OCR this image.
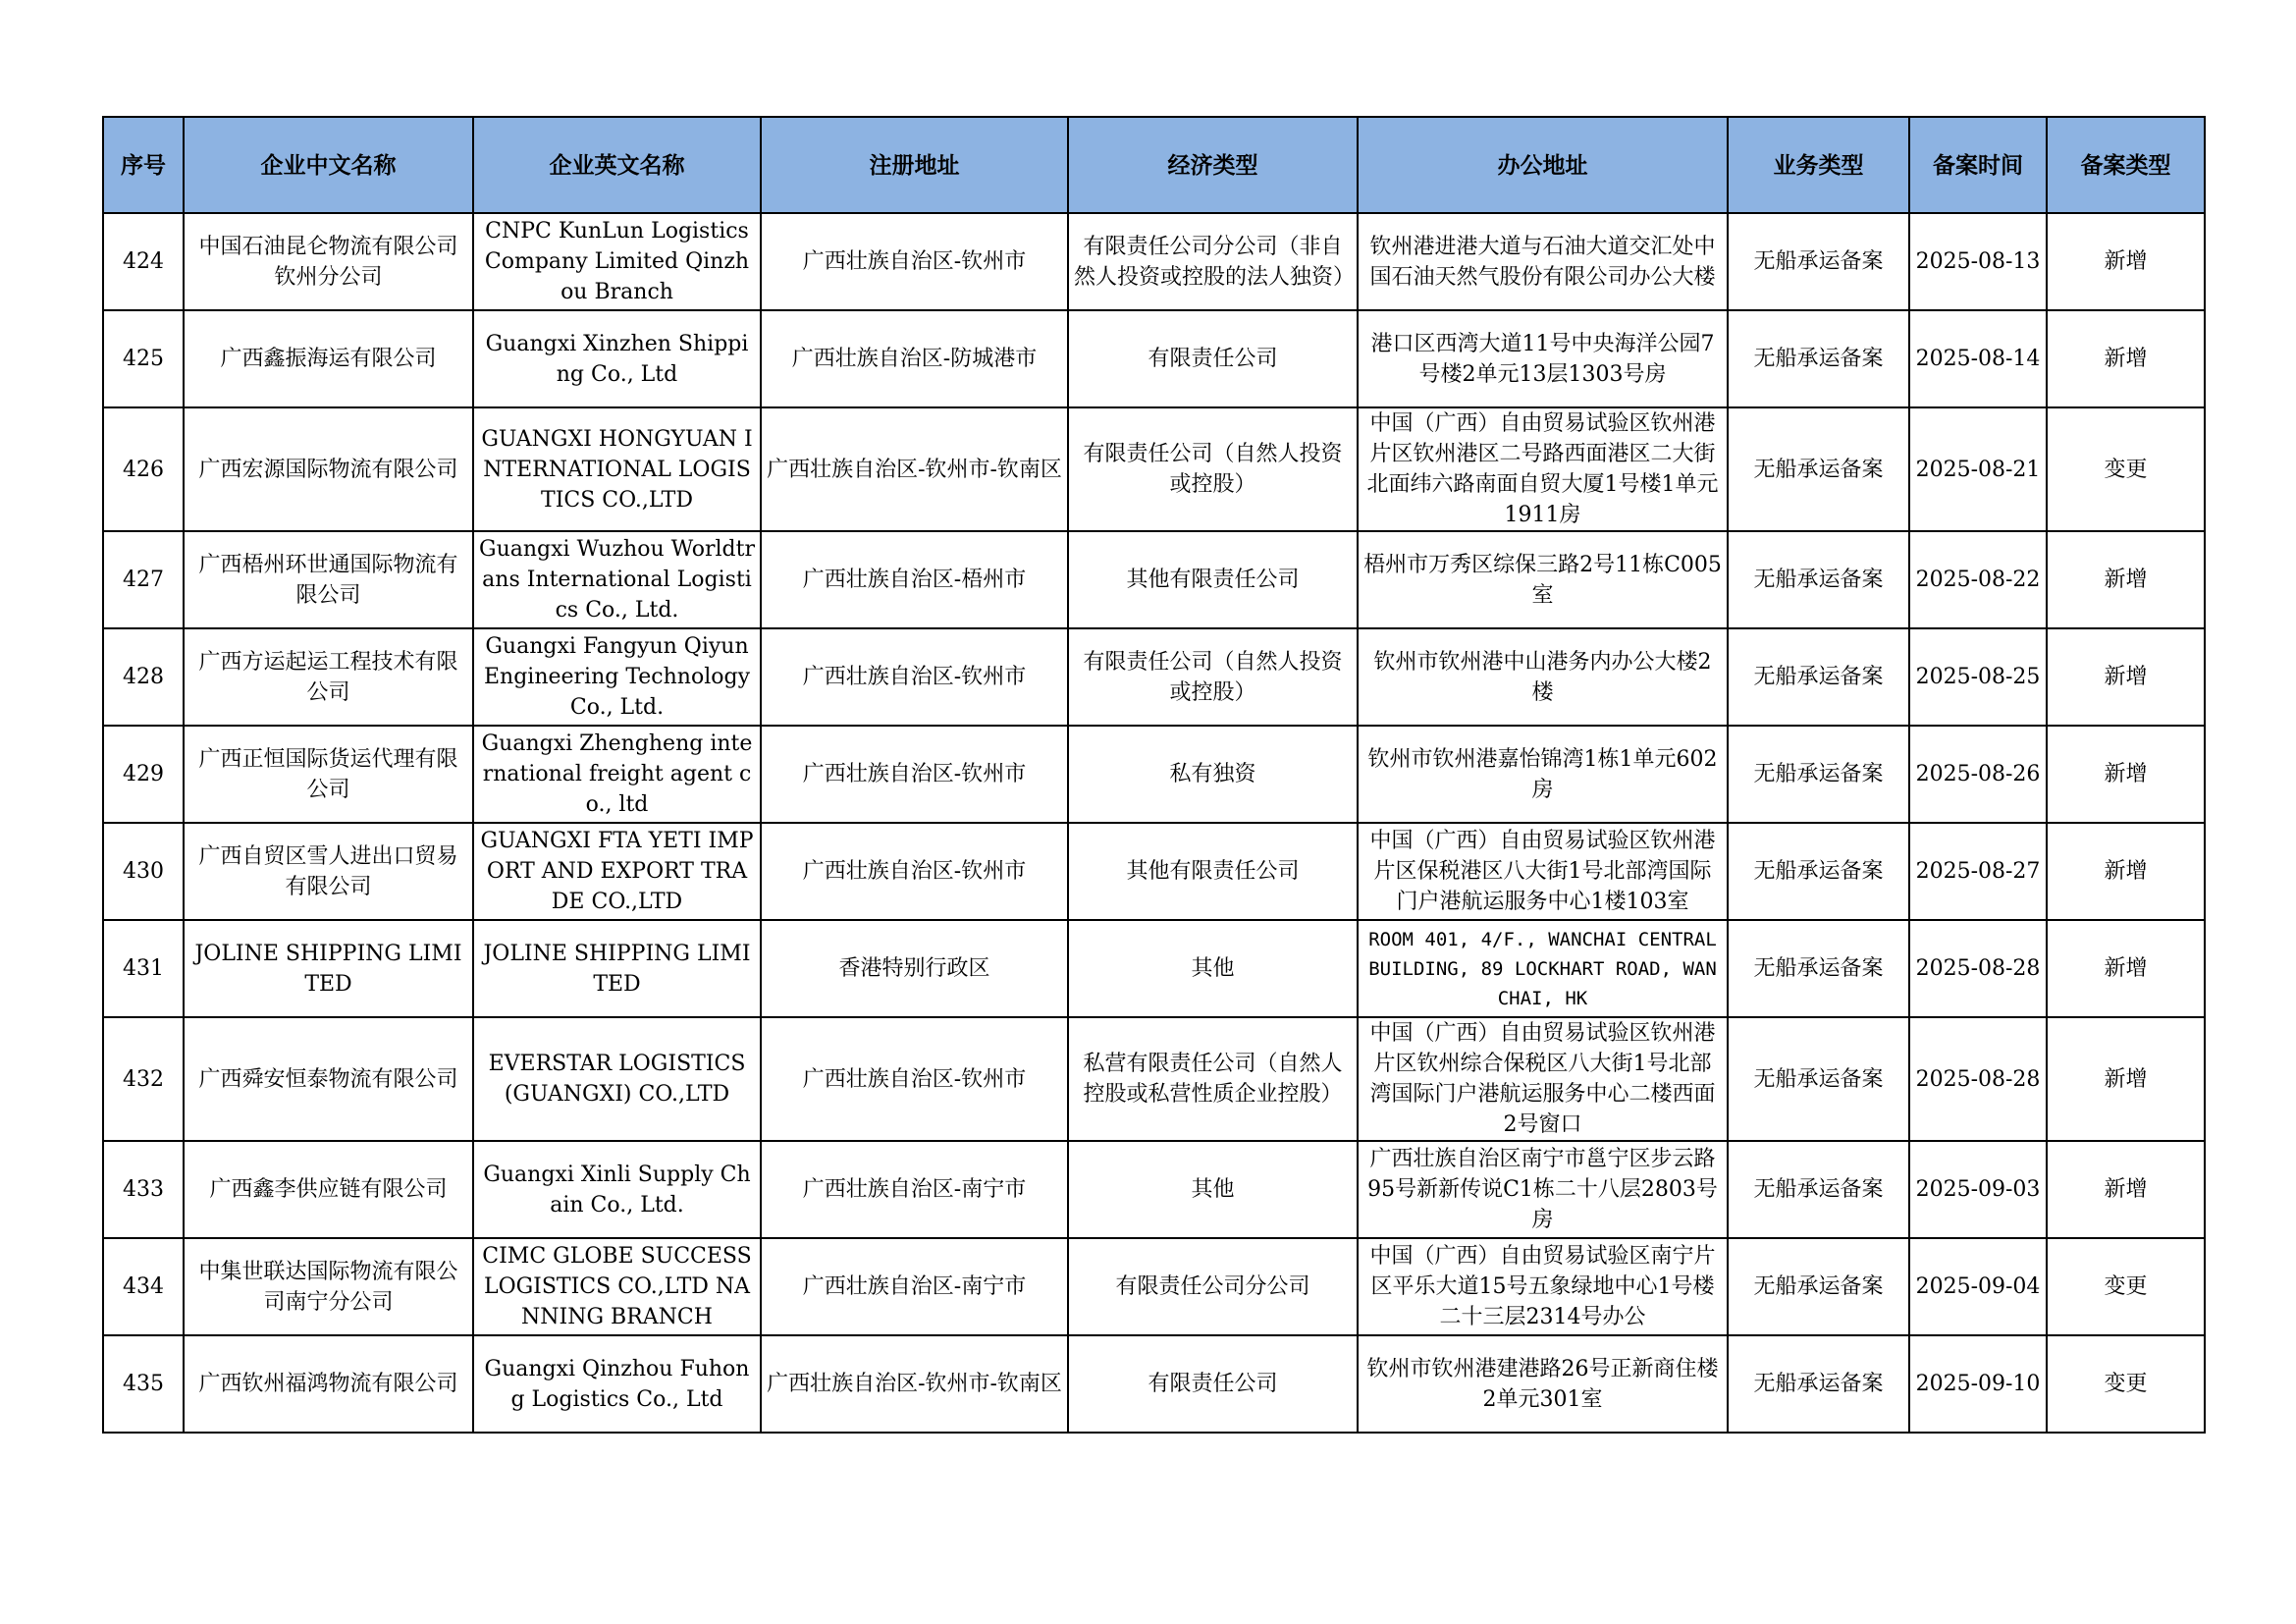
序号	企业中文名称	企业英文名称	注册地址	经济类型	办公地址	业务类型	备案时间	备案类型
424	中国石油昆仑物流有限公司钦州分公司	CNPC KunLun Logistics Company Limited Qinzhou Branch	广西壮族自治区-钦州市	有限责任公司分公司（非自然人投资或控股的法人独资）	钦州港进港大道与石油大道交汇处中国石油天然气股份有限公司办公大楼	无船承运备案	2025-08-13	新增
425	广西鑫振海运有限公司	Guangxi Xinzhen Shipping Co., Ltd	广西壮族自治区-防城港市	有限责任公司	港口区西湾大道11号中央海洋公园7号楼2单元13层1303号房	无船承运备案	2025-08-14	新增
426	广西宏源国际物流有限公司	GUANGXI HONGYUAN INTERNATIONAL LOGISTICS CO.,LTD	广西壮族自治区-钦州市-钦南区	有限责任公司（自然人投资或控股）	中国（广西）自由贸易试验区钦州港片区钦州港区二号路西面港区二大街北面纬六路南面自贸大厦1号楼1单元1911房	无船承运备案	2025-08-21	变更
427	广西梧州环世通国际物流有限公司	Guangxi Wuzhou Worldtrans International Logistics Co., Ltd.	广西壮族自治区-梧州市	其他有限责任公司	梧州市万秀区综保三路2号11栋C005室	无船承运备案	2025-08-22	新增
428	广西方运起运工程技术有限公司	Guangxi Fangyun Qiyun Engineering Technology Co., Ltd.	广西壮族自治区-钦州市	有限责任公司（自然人投资或控股）	钦州市钦州港中山港务内办公大楼2楼	无船承运备案	2025-08-25	新增
429	广西正恒国际货运代理有限公司	Guangxi Zhengheng international freight agent co., ltd	广西壮族自治区-钦州市	私有独资	钦州市钦州港嘉怡锦湾1栋1单元602房	无船承运备案	2025-08-26	新增
430	广西自贸区雪人进出口贸易有限公司	GUANGXI FTA YETI IMPORT AND EXPORT TRADE CO.,LTD	广西壮族自治区-钦州市	其他有限责任公司	中国（广西）自由贸易试验区钦州港片区保税港区八大街1号北部湾国际门户港航运服务中心1楼103室	无船承运备案	2025-08-27	新增
431	JOLINE SHIPPING LIMITED	JOLINE SHIPPING LIMITED	香港特别行政区	其他	ROOM 401, 4/F., WANCHAI CENTRAL BUILDING, 89 LOCKHART ROAD, WAN CHAI, HK	无船承运备案	2025-08-28	新增
432	广西舜安恒泰物流有限公司	EVERSTAR LOGISTICS (GUANGXI) CO.,LTD	广西壮族自治区-钦州市	私营有限责任公司（自然人控股或私营性质企业控股）	中国（广西）自由贸易试验区钦州港片区钦州综合保税区八大街1号北部湾国际门户港航运服务中心二楼西面2号窗口	无船承运备案	2025-08-28	新增
433	广西鑫李供应链有限公司	Guangxi Xinli Supply Chain Co., Ltd.	广西壮族自治区-南宁市	其他	广西壮族自治区南宁市邕宁区步云路95号新新传说C1栋二十八层2803号房	无船承运备案	2025-09-03	新增
434	中集世联达国际物流有限公司南宁分公司	CIMC GLOBE SUCCESS LOGISTICS CO.,LTD NANNING BRANCH	广西壮族自治区-南宁市	有限责任公司分公司	中国（广西）自由贸易试验区南宁片区平乐大道15号五象绿地中心1号楼二十三层2314号办公	无船承运备案	2025-09-04	变更
435	广西钦州福鸿物流有限公司	Guangxi Qinzhou Fuhong Logistics Co., Ltd	广西壮族自治区-钦州市-钦南区	有限责任公司	钦州市钦州港建港路26号正新商住楼2单元301室	无船承运备案	2025-09-10	变更
